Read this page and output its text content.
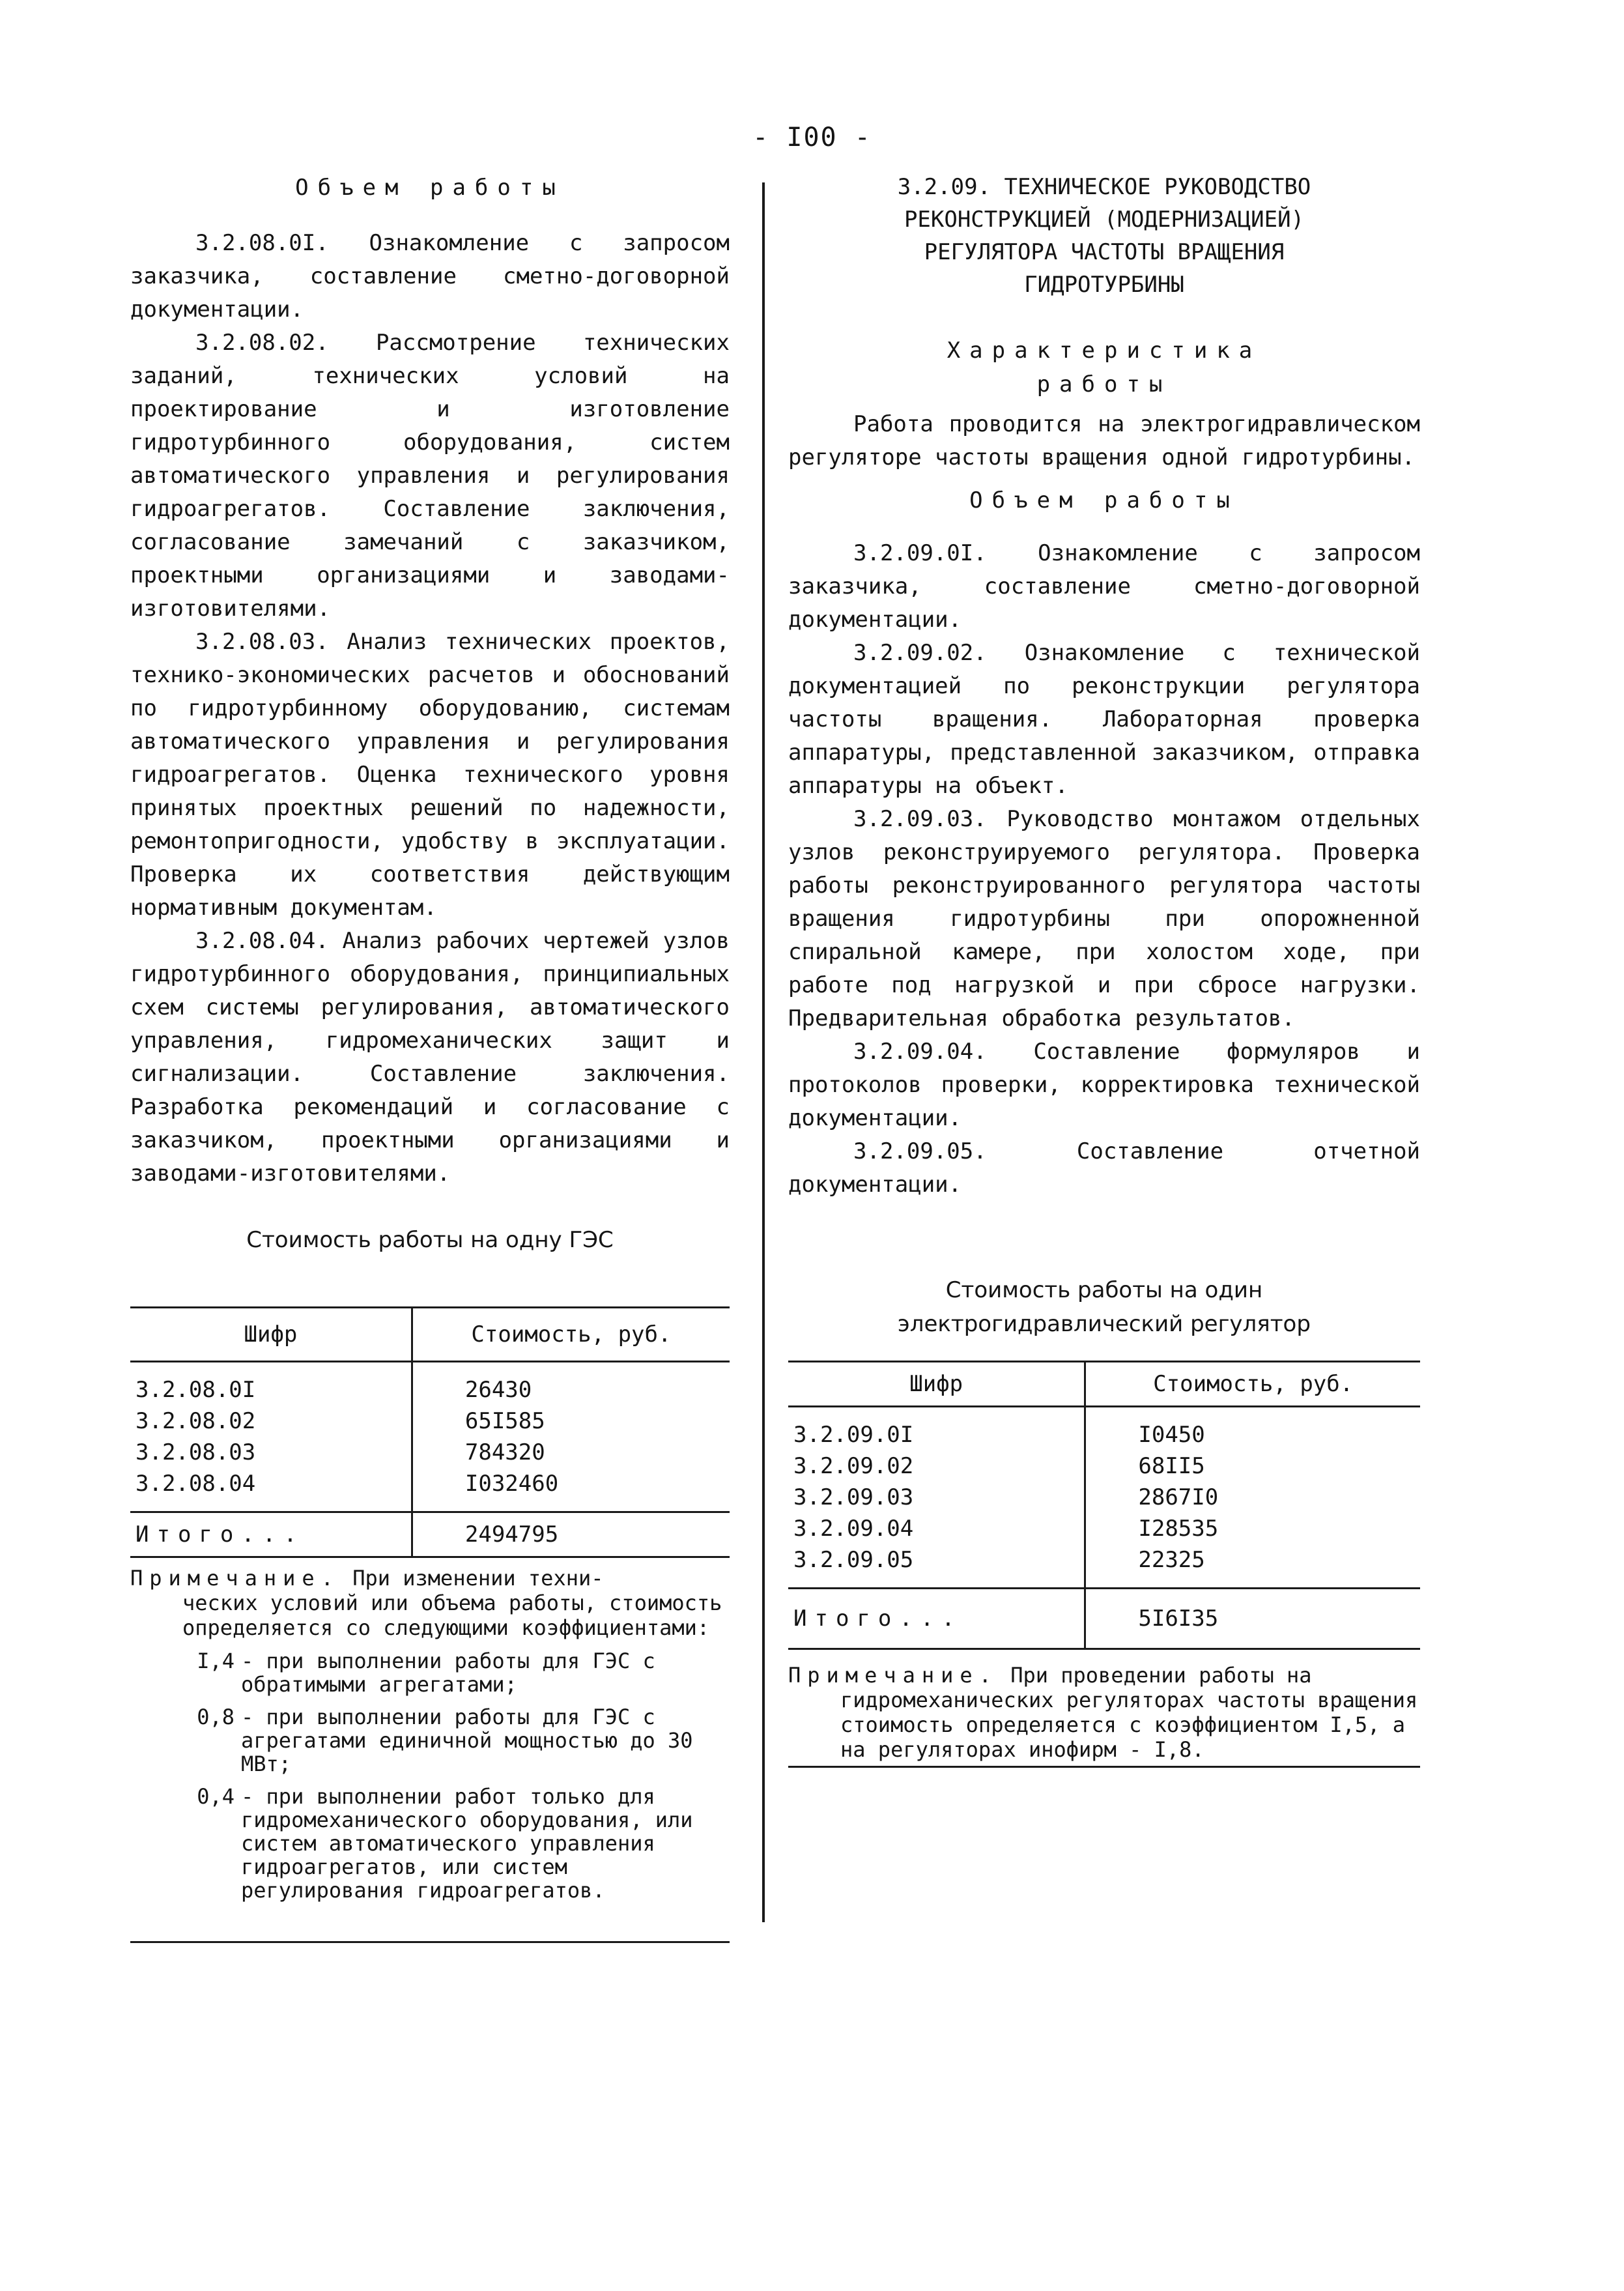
- I00 -
Объем работы

3.2.08.0I. Ознакомление с запросом заказчика, составление сметно-договорной документации.

3.2.08.02. Рассмотрение технических заданий, технических условий на проектирование и изготовление гидротурбинного оборудования, систем автоматического управления и регулирования гидроагрегатов. Составление заключения, согласование замечаний с заказчиком, проектными организациями и заводами-изготовителями.

3.2.08.03. Анализ технических проектов, технико-экономических расчетов и обоснований по гидротурбинному оборудованию, системам автоматического управления и регулирования гидроагрегатов. Оценка технического уровня принятых проектных решений по надежности, ремонтопригодности, удобству в эксплуатации. Проверка их соответствия действующим нормативным документам.

3.2.08.04. Анализ рабочих чертежей узлов гидротурбинного оборудования, принципиальных схем системы регулирования, автоматического управления, гидромеханических защит и сигнализации. Составление заключения. Разработка рекомендаций и согласование с заказчиком, проектными организациями и заводами-изготовителями.

Стоимость работы на одну ГЭС
Шифр	Стоимость, руб.
3.2.08.0I	26430
3.2.08.02	65I585
3.2.08.03	784320
3.2.08.04	I032460
Итого...	2494795

Примечание. При изменении техни-
ческих условий или объема работы, стоимость определяется со следующими коэффициентами:

I,4 - при выполнении работы для ГЭС с обратимыми агрегатами;
0,8 - при выполнении работы для ГЭС с агрегатами единичной мощностью до 30 МВт;
0,4 - при выполнении работ только для гидромеханического оборудования, или систем автоматического управления гидроагрегатов, или систем регулирования гидроагрегатов.
3.2.09. ТЕХНИЧЕСКОЕ РУКОВОДСТВО
РЕКОНСТРУКЦИЕЙ (МОДЕРНИЗАЦИЕЙ)
РЕГУЛЯТОРА ЧАСТОТЫ ВРАЩЕНИЯ
ГИДРОТУРБИНЫ
Характеристика
работы

Работа проводится на электрогидравлическом регуляторе частоты вращения одной гидротурбины.

Объем работы

3.2.09.0I. Ознакомление с запросом заказчика, составление сметно-договорной документации.

3.2.09.02. Ознакомление с технической документацией по реконструкции регулятора частоты вращения. Лабораторная проверка аппаратуры, представленной заказчиком, отправка аппаратуры на объект.

3.2.09.03. Руководство монтажом отдельных узлов реконструируемого регулятора. Проверка работы реконструированного регулятора частоты вращения гидротурбины при опорожненной спиральной камере, при холостом ходе, при работе под нагрузкой и при сбросе нагрузки. Предварительная обработка результатов.

3.2.09.04. Составление формуляров и протоколов проверки, корректировка технической документации.

3.2.09.05. Составление отчетной документации.

Стоимость работы на один
электрогидравлический регулятор
Шифр	Стоимость, руб.
3.2.09.0I	I0450
3.2.09.02	68II5
3.2.09.03	2867I0
3.2.09.04	I28535
3.2.09.05	22325
Итого...	5I6I35

Примечание. При проведении работы на
гидромеханических регуляторах частоты вращения стоимость определяется с коэффициентом I,5, а на регуляторах инофирм - I,8.
